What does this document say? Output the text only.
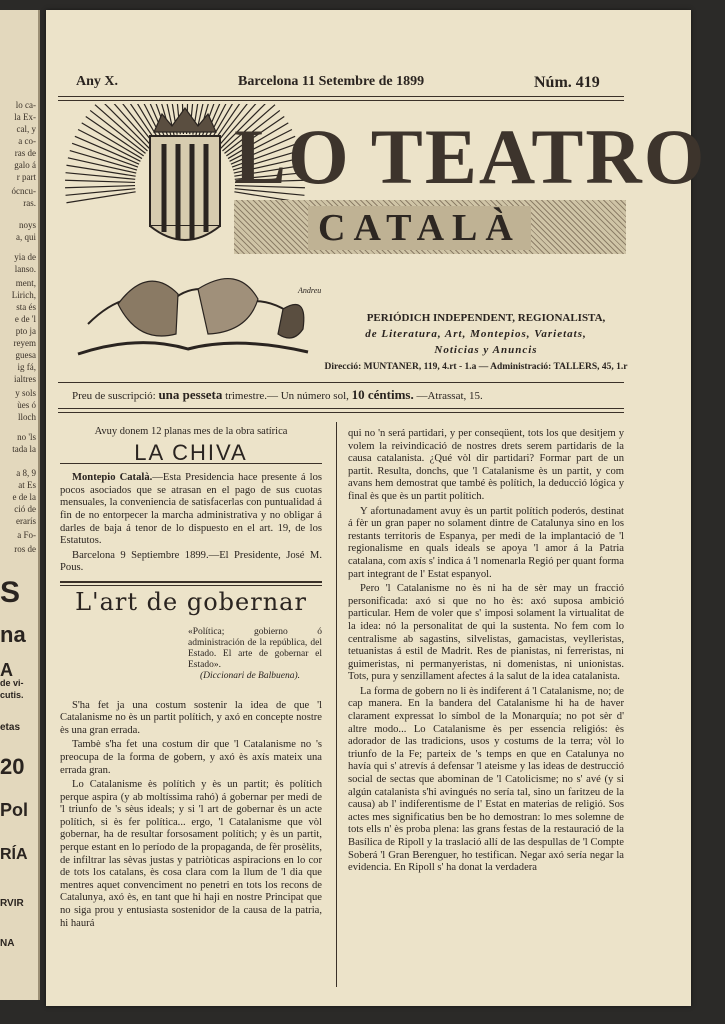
lo ca-
la Ex-
cal, y
a co-
ras de
galo á
r part
ócncu-
ras.
noys
a, qui
yia de
lanso.
ment,
Lirich,
sta és
e de 'l
pto ja
reyem
guesa
ig fá,
ialtres
y sols
ùes ó
lloch
no 'ls
tada la
a 8, 9
at Es
e de la
ció de
erarís
a Fo-
ros de
S
na
A
de vi-
cutis.
etas
20
Pol
RÍA
RVIR
NA
Any X.	Barcelona 11 Setembre de 1899	Núm. 419
LO TEATRO
CATALÀ
Andreu
PERIÓDICH INDEPENDENT, REGIONALISTA,
de Literatura, Art, Montepios, Varietats,
Noticias y Anuncis
Direcció: MUNTANER, 119, 4.rt - 1.a — Administració: TALLERS, 45, 1.r
Preu de suscripció: una pesseta trimestre.— Un número sol, 10 céntims. —Atrassat, 15.
Avuy donem 12 planas mes de la obra satírica
LA CHIVA

Montepio Català.—Esta Presidencia hace presente á los pocos asociados que se atrasan en el pago de sus cuotas mensuales, la conveniencia de satisfacerlas con puntualidad á fin de no entorpecer la marcha administrativa y no obligar á darles de baja á tenor de lo dispuesto en el art. 19, de los Estatutos.

Barcelona 9 Septiembre 1899.—El Presidente, José M. Pous.

L'art de gobernar
«Política; gobierno ó administración de la república, del Estado. El arte de gobernar el Estado».
(Diccionari de Balbuena).

S'ha fet ja una costum sostenir la idea de que 'l Catalanisme no ès un partit polítich, y axó en concepte nostre ès una gran errada.

Tambè s'ha fet una costum dir que 'l Catalanisme no 's preocupa de la forma de gobern, y axó ès axís mateix una errada gran.

Lo Catalanisme ès polítich y ès un partit; ès polítich perque aspira (y ab moltíssima rahó) á gobernar per medi de 'l triunfo de 's sèus ideals; y si 'l art de gobernar ès un acte polítich, si ès fer política... ergo, 'l Catalanisme que vòl gobernar, ha de resultar forsosament polítich; y ès un partit, perque estant en lo período de la propaganda, de fèr prosèlits, de infiltrar las sèvas justas y patriòticas aspiracions en lo cor de tots los catalans, ès cosa clara com la llum de 'l dia que mentres aquet convenciment no penetri en tots los recons de Catalunya, axó ès, en tant que hi haji en nostre Principat que no siga prou y entusiasta sostenidor de la causa de la patria, hi haurá

qui no 'n será partidari, y per conseqüent, tots los que desitjem y volem la reivindicació de nostres drets serem partidaris de la causa catalanista. ¿Qué vòl dir partidari? Formar part de un partit. Resulta, donchs, que 'l Catalanisme ès un partit, y com avans hem demostrat que també ès polítich, la deducció lógica y final ès que ès un partit polítich.

Y afortunadament avuy ès un partit polítich poderós, destinat á fèr un gran paper no solament dintre de Catalunya sino en los restants territoris de Espanya, per medi de la implantació de 'l regionalisme en quals ideals se apoya 'l amor á la Patria catalana, com axís s' indica á 'l nomenarla Regió per quant forma part integrant de l' Estat espanyol.

Pero 'l Catalanisme no ès ni ha de sèr may un fracció personificada: axó si que no ho ès: axó suposa ambició particular. Hem de voler que s' imposi solament la virtualitat de la idea: nó la personalitat de qui la sustenta. No fem com lo centralisme ab sagastins, silvelistas, gamacistas, veylleristas, tetuanistas á estil de Madrit. Res de pianistas, ni ferreristas, ni guimeristas, ni permanyeristas, ni domenistas, ni unionistas. Tots, pura y senzillament afectes á la salut de la idea catalanista.

La forma de gobern no li ès indiferent á 'l Catalanisme, no; de cap manera. En la bandera del Catalanisme hi ha de haver clarament expressat lo símbol de la Monarquía; no pot sèr d' altre modo... Lo Catalanisme ès per essencia religiós: ès adorador de las tradicions, usos y costums de la terra; vòl lo triunfo de la Fe; parteix de 's temps en que en Catalunya no havía qui s' atrevís á defensar 'l ateisme y las ideas de destrucció social de sectas que abominan de 'l Catolicisme; no s' avé (y si algún catalanista s'hi avingués no sería tal, sino un faritzeu de la causa) ab l' indiferentisme de l' Estat en materias de religió. Sos actes mes significatius ben be ho demostran: lo mes solemne de tots ells n' ès proba plena: las grans festas de la restauració de la Basílica de Ripoll y la traslació allí de las despullas de 'l Compte Soberá 'l Gran Berenguer, ho testifican. Negar axó sería negar la evidencia. En Ripoll s' ha donat la verdadera
